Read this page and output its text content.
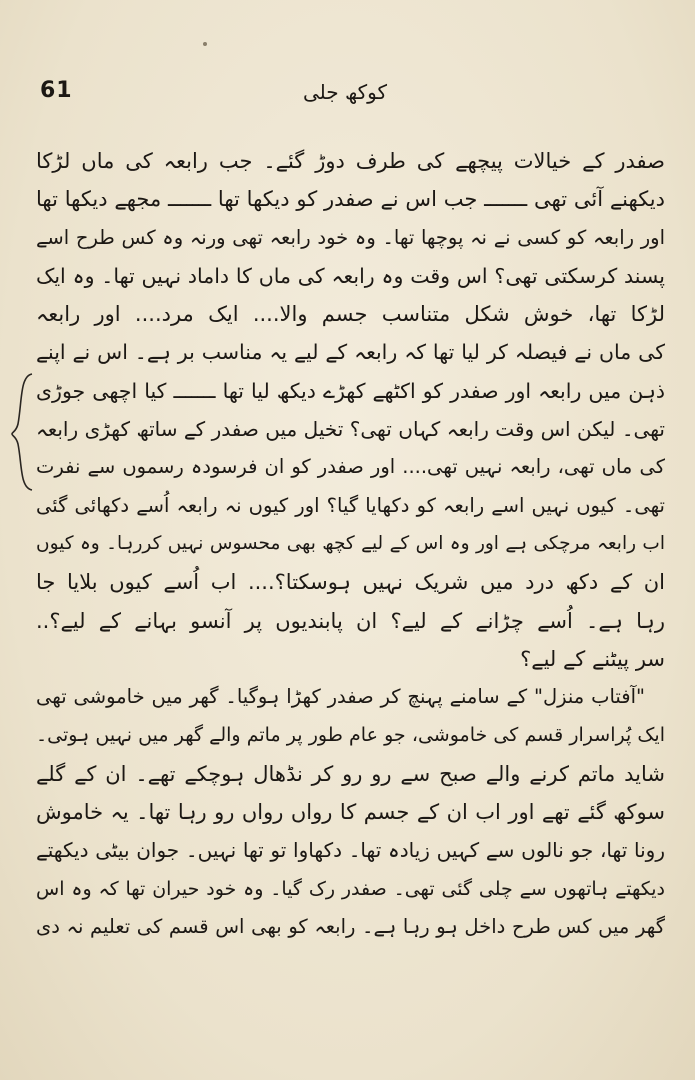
61	کوکھ جلی
صفدر کے خیالات پیچھے کی طرف دوڑ گئے۔ جب رابعہ کی ماں لڑکا
دیکھنے آئی تھی ـــــــ جب اس نے صفدر کو دیکھا تھا ـــــــ مجھے دیکھا تھا
اور رابعہ کو کسی نے نہ پوچھا تھا۔ وہ خود رابعہ تھی ورنہ وہ کس طرح اسے
پسند کرسکتی تھی؟ اس وقت وہ رابعہ کی ماں کا داماد نہیں تھا۔ وہ ایک
لڑکا تھا، خوش شکل متناسب جسم والا.... ایک مرد.... اور رابعہ
کی ماں نے فیصلہ کر لیا تھا کہ رابعہ کے لیے یہ مناسب بر ہے۔ اس نے اپنے
ذہن میں رابعہ اور صفدر کو اکٹھے کھڑے دیکھ لیا تھا ـــــــ کیا اچھی جوڑی
تھی۔ لیکن اس وقت رابعہ کہاں تھی؟ تخیل میں صفدر کے ساتھ کھڑی رابعہ
کی ماں تھی، رابعہ نہیں تھی.... اور صفدر کو ان فرسودہ رسموں سے نفرت
تھی۔ کیوں نہیں اسے رابعہ کو دکھایا گیا؟ اور کیوں نہ رابعہ اُسے دکھائی گئی
اب رابعہ مرچکی ہے اور وہ اس کے لیے کچھ بھی محسوس نہیں کررہا۔ وہ کیوں
ان کے دکھ درد میں شریک نہیں ہوسکتا؟.... اب اُسے کیوں بلایا جا
رہا ہے۔ اُسے چڑانے کے لیے؟ ان پابندیوں پر آنسو بہانے کے لیے؟..
سر پیٹنے کے لیے؟
"آفتاب منزل" کے سامنے پہنچ کر صفدر کھڑا ہوگیا۔ گھر میں خاموشی تھی
ایک پُراسرار قسم کی خاموشی، جو عام طور پر ماتم والے گھر میں نہیں ہوتی۔
شاید ماتم کرنے والے صبح سے رو رو کر نڈھال ہوچکے تھے۔ ان کے گلے
سوکھ گئے تھے اور اب ان کے جسم کا رواں رواں رو رہا تھا۔ یہ خاموش
رونا تھا، جو نالوں سے کہیں زیادہ تھا۔ دکھاوا تو تھا نہیں۔ جوان بیٹی دیکھتے
دیکھتے ہاتھوں سے چلی گئی تھی۔ صفدر رک گیا۔ وہ خود حیران تھا کہ وہ اس
گھر میں کس طرح داخل ہو رہا ہے۔ رابعہ کو بھی اس قسم کی تعلیم نہ دی
